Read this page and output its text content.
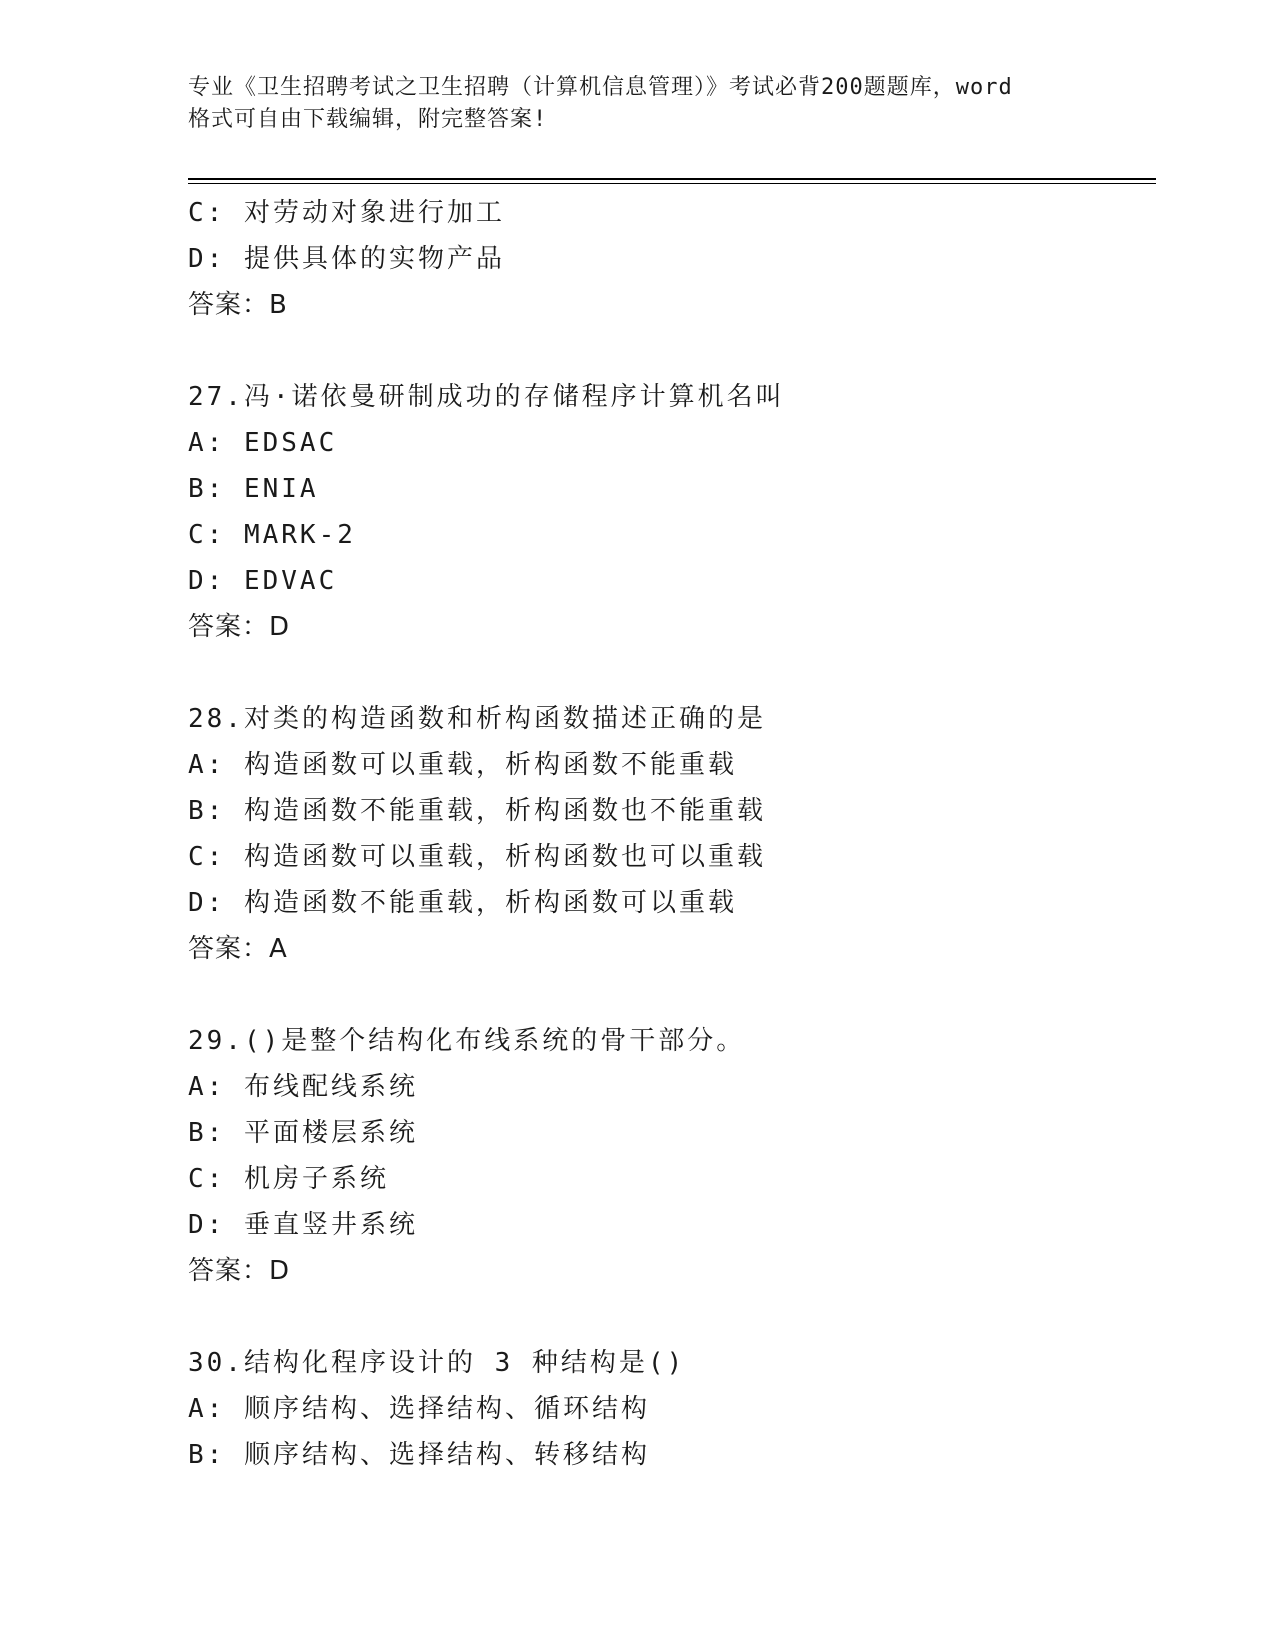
专业《卫生招聘考试之卫生招聘（计算机信息管理）》考试必背200题题库，word
格式可自由下载编辑，附完整答案!
C: 对劳动对象进行加工
D: 提供具体的实物产品
答案：B
27.冯·诺依曼研制成功的存储程序计算机名叫
A: EDSAC
B: ENIA
C: MARK-2
D: EDVAC
答案：D
28.对类的构造函数和析构函数描述正确的是
A: 构造函数可以重载，析构函数不能重载
B: 构造函数不能重载，析构函数也不能重载
C: 构造函数可以重载，析构函数也可以重载
D: 构造函数不能重载，析构函数可以重载
答案：A
29.()是整个结构化布线系统的骨干部分。
A: 布线配线系统
B: 平面楼层系统
C: 机房子系统
D: 垂直竖井系统
答案：D
30.结构化程序设计的 3 种结构是()
A: 顺序结构、选择结构、循环结构
B: 顺序结构、选择结构、转移结构
